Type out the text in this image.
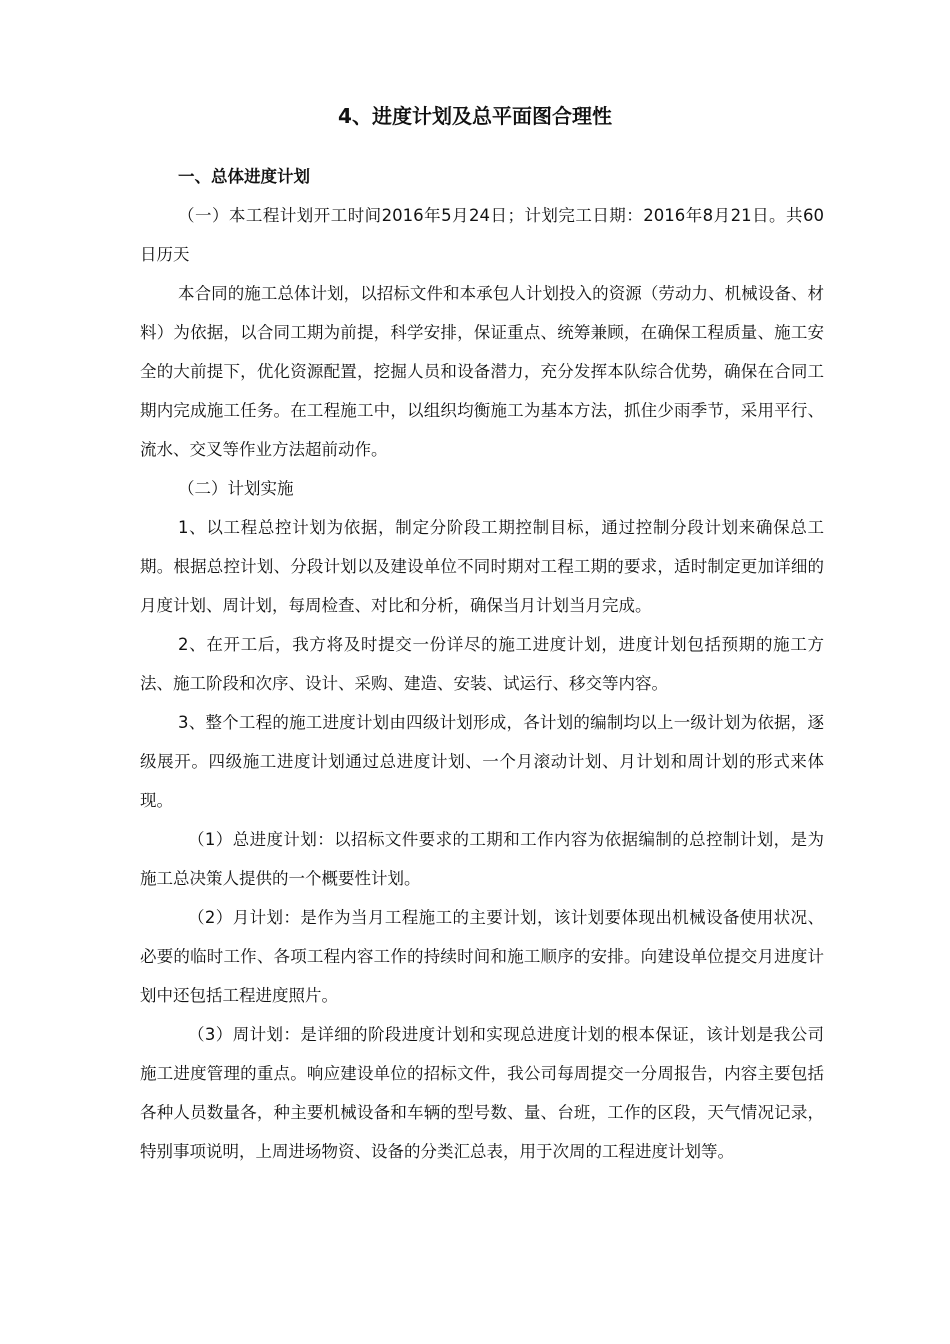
4、进度计划及总平面图合理性

一、总体进度计划

（一）本工程计划开工时间2016年5月24日；计划完工日期：2016年8月21日。共60日历天

本合同的施工总体计划，以招标文件和本承包人计划投入的资源（劳动力、机械设备、材料）为依据，以合同工期为前提，科学安排，保证重点、统筹兼顾，在确保工程质量、施工安全的大前提下，优化资源配置，挖掘人员和设备潜力，充分发挥本队综合优势，确保在合同工期内完成施工任务。在工程施工中，以组织均衡施工为基本方法，抓住少雨季节，采用平行、流水、交叉等作业方法超前动作。

（二）计划实施

1、以工程总控计划为依据，制定分阶段工期控制目标，通过控制分段计划来确保总工期。根据总控计划、分段计划以及建设单位不同时期对工程工期的要求，适时制定更加详细的月度计划、周计划，每周检查、对比和分析，确保当月计划当月完成。

2、在开工后，我方将及时提交一份详尽的施工进度计划，进度计划包括预期的施工方法、施工阶段和次序、设计、采购、建造、安装、试运行、移交等内容。

3、整个工程的施工进度计划由四级计划形成，各计划的编制均以上一级计划为依据，逐级展开。四级施工进度计划通过总进度计划、一个月滚动计划、月计划和周计划的形式来体现。

（1）总进度计划：以招标文件要求的工期和工作内容为依据编制的总控制计划，是为施工总决策人提供的一个概要性计划。

（2）月计划：是作为当月工程施工的主要计划，该计划要体现出机械设备使用状况、必要的临时工作、各项工程内容工作的持续时间和施工顺序的安排。向建设单位提交月进度计划中还包括工程进度照片。

（3）周计划：是详细的阶段进度计划和实现总进度计划的根本保证，该计划是我公司施工进度管理的重点。响应建设单位的招标文件，我公司每周提交一分周报告，内容主要包括各种人员数量各，种主要机械设备和车辆的型号数、量、台班，工作的区段，天气情况记录，特别事项说明，上周进场物资、设备的分类汇总表，用于次周的工程进度计划等。
